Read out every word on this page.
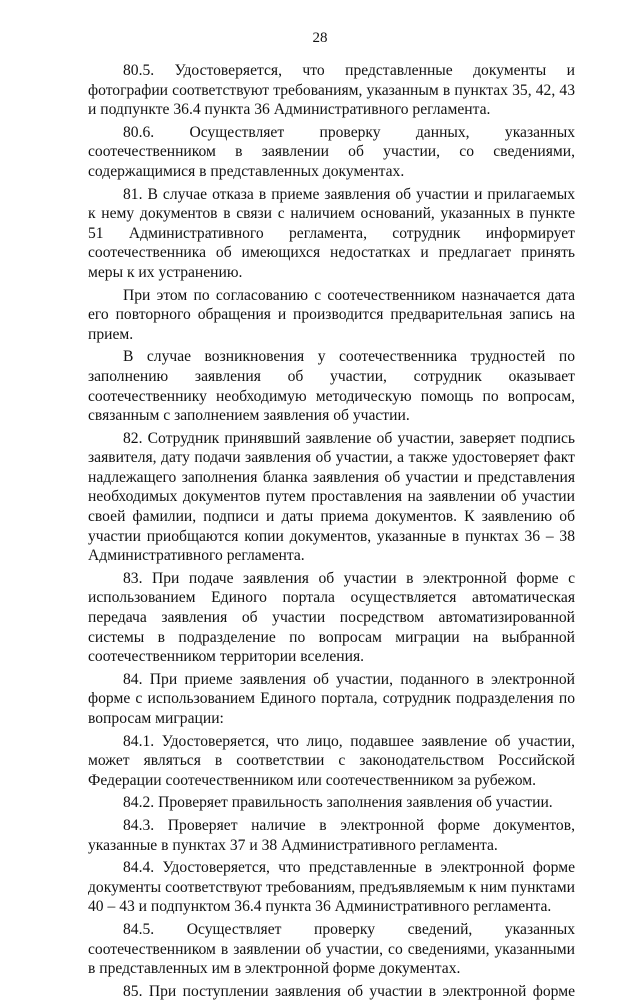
28

80.5. Удостоверяется, что представленные документы и фотографии соответствуют требованиям, указанным в пунктах 35, 42, 43 и подпункте 36.4 пункта 36 Административного регламента.

80.6. Осуществляет проверку данных, указанных соотечественником в заявлении об участии, со сведениями, содержащимися в представленных документах.

81. В случае отказа в приеме заявления об участии и прилагаемых к нему документов в связи с наличием оснований, указанных в пункте 51 Административного регламента, сотрудник информирует соотечественника об имеющихся недостатках и предлагает принять меры к их устранению.

При этом по согласованию с соотечественником назначается дата его повторного обращения и производится предварительная запись на прием.

В случае возникновения у соотечественника трудностей по заполнению заявления об участии, сотрудник оказывает соотечественнику необходимую методическую помощь по вопросам, связанным с заполнением заявления об участии.

82. Сотрудник принявший заявление об участии, заверяет подпись заявителя, дату подачи заявления об участии, а также удостоверяет факт надлежащего заполнения бланка заявления об участии и представления необходимых документов путем проставления на заявлении об участии своей фамилии, подписи и даты приема документов. К заявлению об участии приобщаются копии документов, указанные в пунктах 36 – 38 Административного регламента.

83. При подаче заявления об участии в электронной форме с использованием Единого портала осуществляется автоматическая передача заявления об участии посредством автоматизированной системы в подразделение по вопросам миграции на выбранной соотечественником территории вселения.

84. При приеме заявления об участии, поданного в электронной форме с использованием Единого портала, сотрудник подразделения по вопросам миграции:

84.1. Удостоверяется, что лицо, подавшее заявление об участии, может являться в соответствии с законодательством Российской Федерации соотечественником или соотечественником за рубежом.

84.2. Проверяет правильность заполнения заявления об участии.

84.3. Проверяет наличие в электронной форме документов, указанные в пунктах 37 и 38 Административного регламента.

84.4. Удостоверяется, что представленные в электронной форме документы соответствуют требованиям, предъявляемым к ним пунктами 40 – 43 и подпунктом 36.4 пункта 36 Административного регламента.

84.5. Осуществляет проверку сведений, указанных соотечественником в заявлении об участии, со сведениями, указанными в представленных им в электронной форме документах.

85. При поступлении заявления об участии в электронной форме
